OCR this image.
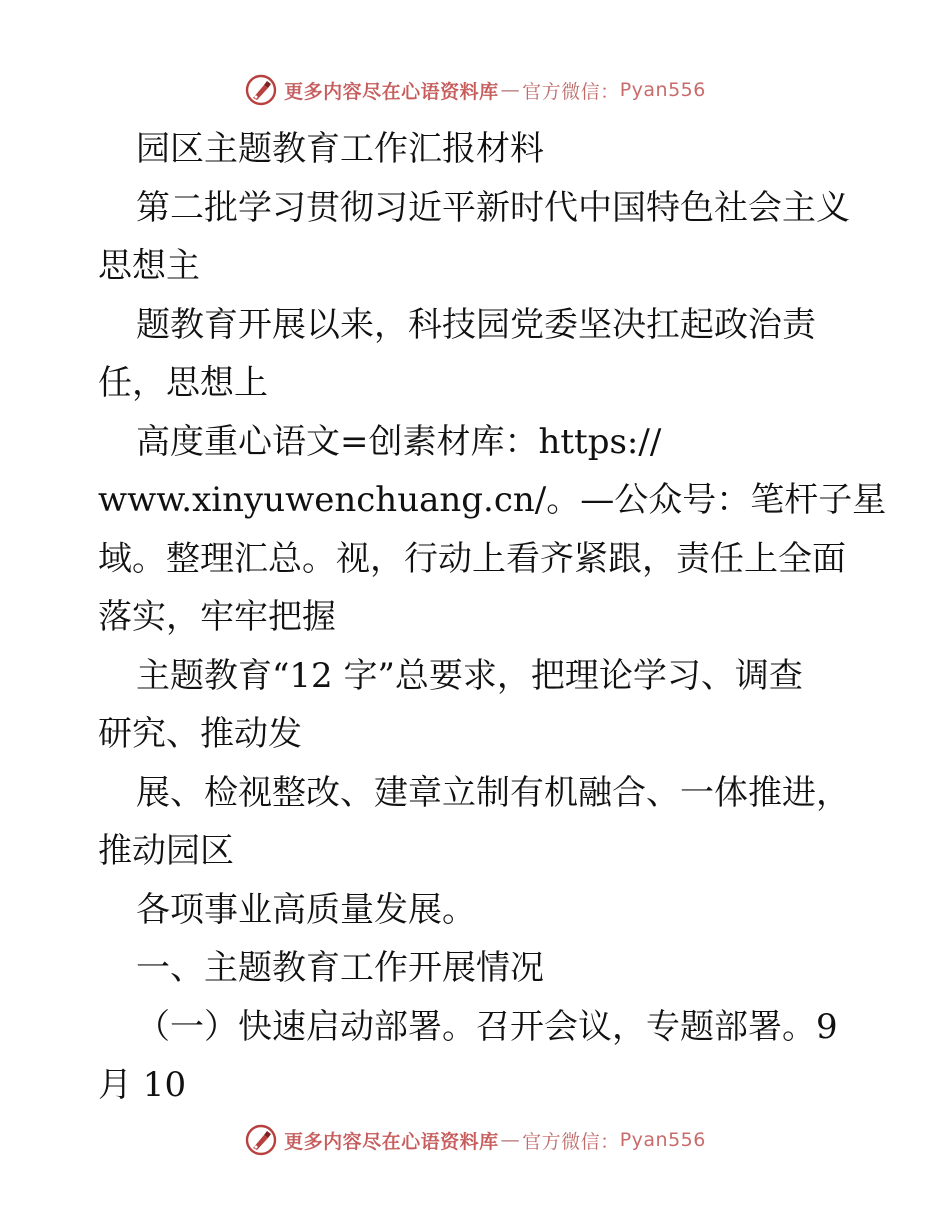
更多内容尽在心语资料库 — 官方微信： Pyan556

园区主题教育工作汇报材料

第二批学习贯彻习近平新时代中国特色社会主义

思想主

题教育开展以来，科技园党委坚决扛起政治责

任，思想上

高度重心语文=创素材库：https://

www.xinyuwenchuang.cn/。—公众号：笔杆子星

域。整理汇总。视，行动上看齐紧跟，责任上全面

落实，牢牢把握

主题教育“12 字”总要求，把理论学习、调查

研究、推动发

展、检视整改、建章立制有机融合、一体推进，

推动园区

各项事业高质量发展。

一、主题教育工作开展情况

（一）快速启动部署。召开会议，专题部署。9

月 10

更多内容尽在心语资料库 — 官方微信： Pyan556
